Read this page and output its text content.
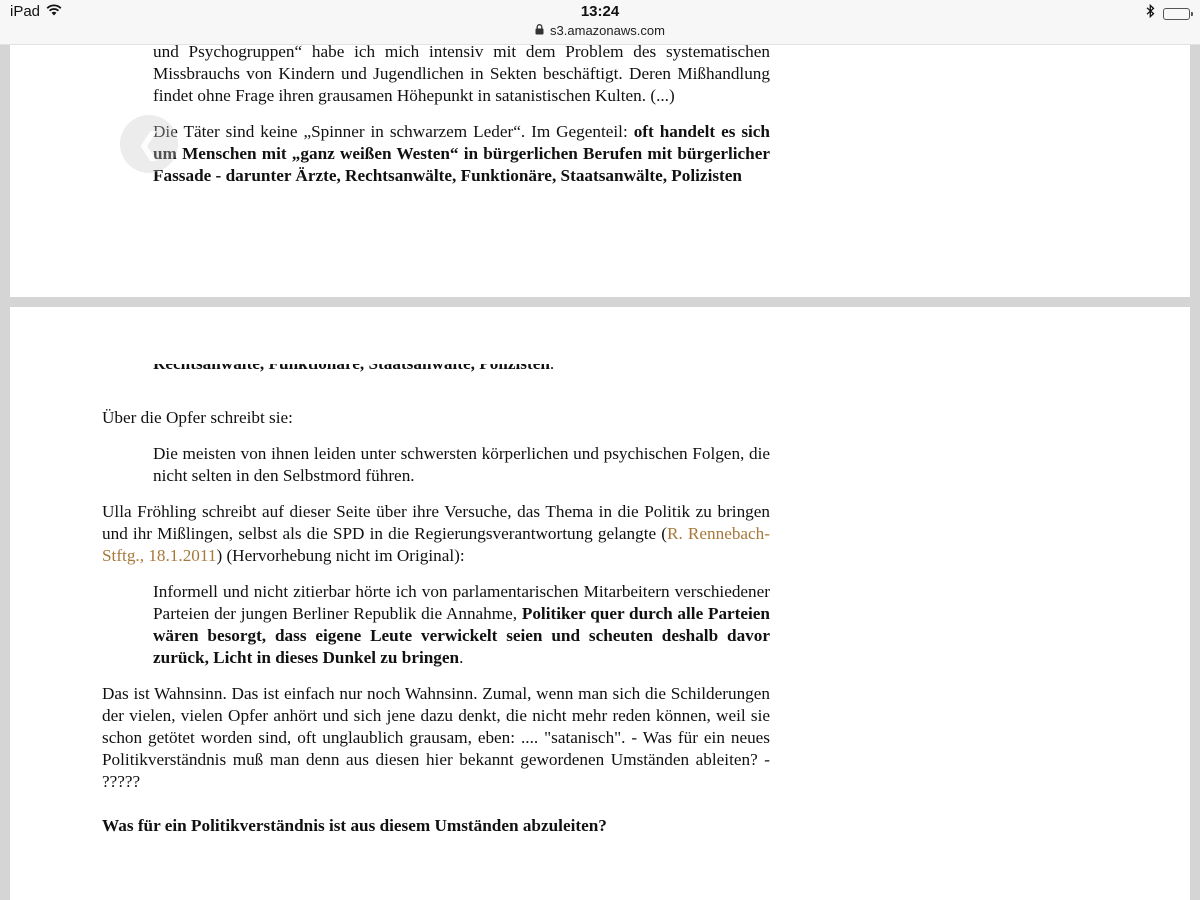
iPad	13:24
s3.amazonaws.com
und Psychogruppen“ habe ich mich intensiv mit dem Problem des systematischen Missbrauchs von Kindern und Jugendlichen in Sekten beschäftigt. Deren Mißhandlung findet ohne Frage ihren grausamen Höhepunkt in satanistischen Kulten. (...)
Die Täter sind keine „Spinner in schwarzem Leder“. Im Gegenteil: oft handelt es sich um Menschen mit „ganz weißen Westen“ in bürgerlichen Berufen mit bürgerlicher Fassade - darunter Ärzte, Rechtsanwälte, Funktionäre, Staatsanwälte, Polizisten
❮

Über die Opfer schreibt sie:

Die meisten von ihnen leiden unter schwersten körperlichen und psychischen Folgen, die nicht selten in den Selbstmord führen.

Ulla Fröhling schreibt auf dieser Seite über ihre Versuche, das Thema in die Politik zu bringen und ihr Mißlingen, selbst als die SPD in die Regierungsverantwortung gelangte (R. Rennebach-Stftg., 18.1.2011) (Hervorhebung nicht im Original):

Informell und nicht zitierbar hörte ich von parlamentarischen Mitarbeitern verschiedener Parteien der jungen Berliner Republik die Annahme, Politiker quer durch alle Parteien wären besorgt, dass eigene Leute verwickelt seien und scheuten deshalb davor zurück, Licht in dieses Dunkel zu bringen.

Das ist Wahnsinn. Das ist einfach nur noch Wahnsinn. Zumal, wenn man sich die Schilderungen der vielen, vielen Opfer anhört und sich jene dazu denkt, die nicht mehr reden können, weil sie schon getötet worden sind, oft unglaublich grausam, eben: .... "satanisch". - Was für ein neues Politikverständnis muß man denn aus diesen hier bekannt gewordenen Umständen ableiten? - ?????

Was für ein Politikverständnis ist aus diesem Umständen abzuleiten?
